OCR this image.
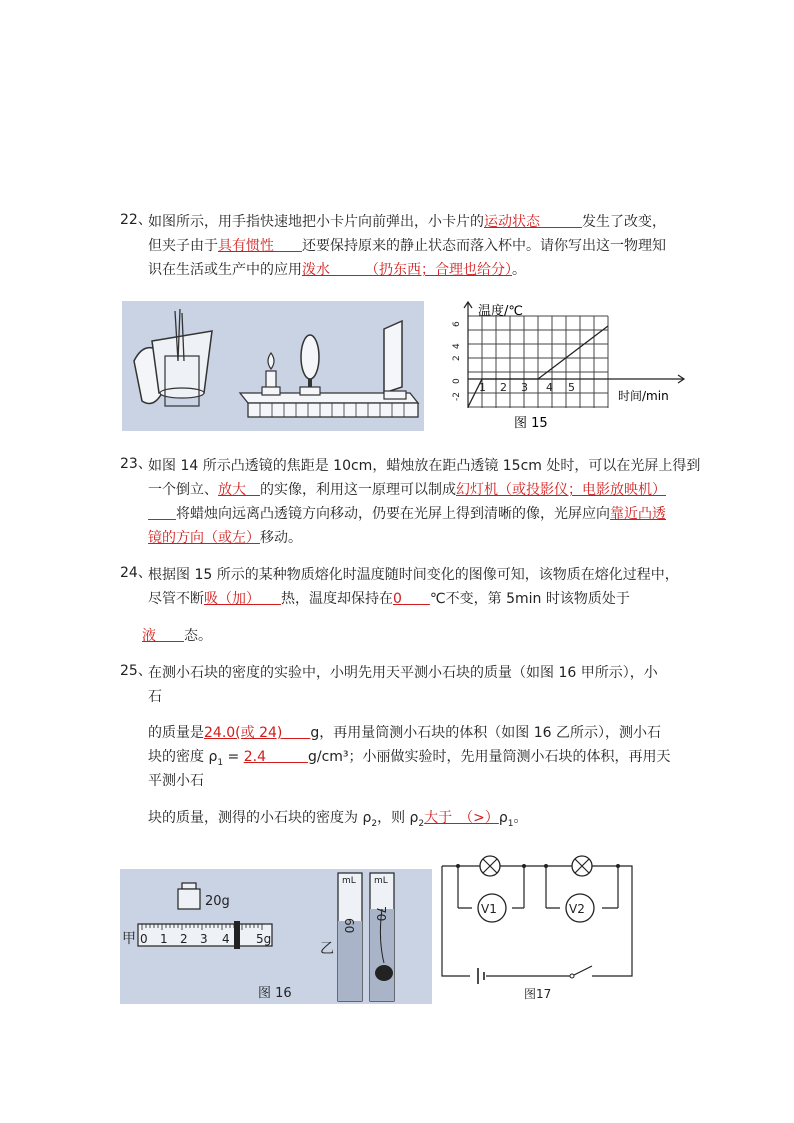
22、
如图所示，用手指快速地把小卡片向前弹出，小卡片的运动状态　　　发生了改变，
但夹子由于具有惯性　　还要保持原来的静止状态而落入杯中。请你写出这一物理知
识在生活或生产中的应用泼水　　　（扔东西；合理也给分）。
温度/℃
时间/min
图 15
6
4
2
0
-2
1 2 3 4 5
23、
如图 14 所示凸透镜的焦距是 10cm，蜡烛放在距凸透镜 15cm 处时，可以在光屏上得到
一个倒立、放大　的实像，利用这一原理可以制成幻灯机（或投影仪；电影放映机）
　　将蜡烛向远离凸透镜方向移动，仍要在光屏上得到清晰的像，光屏应向靠近凸透
镜的方向（或左）移动。
24、
根据图 15 所示的某种物质熔化时温度随时间变化的图像可知，该物质在熔化过程中，
尽管不断吸（加）　　热，温度却保持在0　　℃不变，第 5min 时该物质处于
液　　态。
25、
在测小石块的密度的实验中，小明先用天平测小石块的质量（如图 16 甲所示），小
石
的质量是24.0(或 24)　　g，再用量筒测小石块的体积（如图 16 乙所示），测小石
块的密度 $\rho_1 = 2.4$　　　g/cm³；小丽做实验时，先用量筒测小石块的体积，再用天
平测小石
块的质量，测得的小石块的密度为 $\rho_2$，则 $\rho_2$大于　$(>)\rho_1$。
20g
甲 0 1 2 3 4 5g
乙
mL
60
mL
70
图 16
V1	V2
图17
